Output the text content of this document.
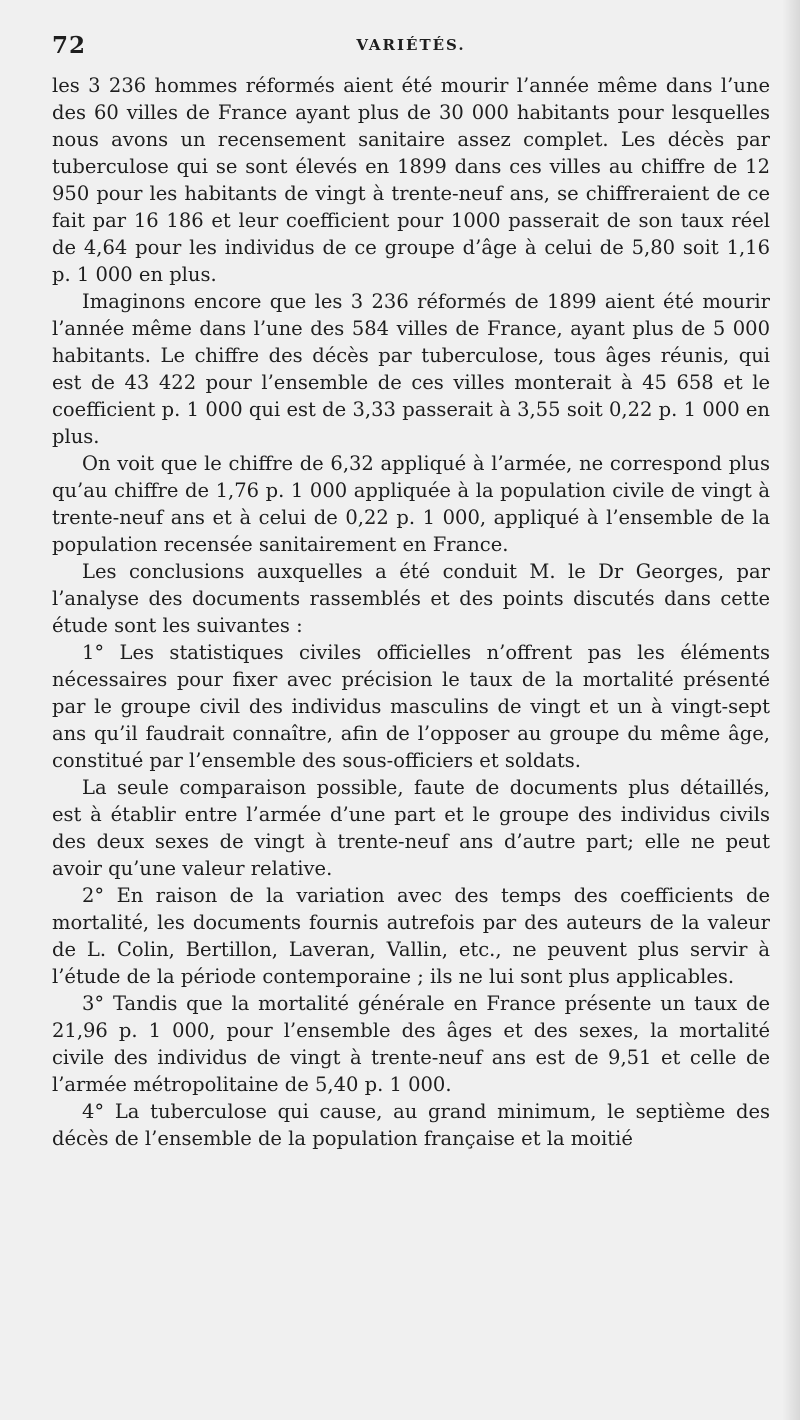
72	VARIÉTÉS.

les 3 236 hommes réformés aient été mourir l’année même dans l’une des 60 villes de France ayant plus de 30 000 habitants pour lesquelles nous avons un recensement sanitaire assez complet. Les décès par tuberculose qui se sont élevés en 1899 dans ces villes au chiffre de 12 950 pour les habitants de vingt à trente-neuf ans, se chiffreraient de ce fait par 16 186 et leur coefficient pour 1000 passerait de son taux réel de 4,64 pour les individus de ce groupe d’âge à celui de 5,80 soit 1,16 p. 1 000 en plus.

Imaginons encore que les 3 236 réformés de 1899 aient été mourir l’année même dans l’une des 584 villes de France, ayant plus de 5 000 habitants. Le chiffre des décès par tuberculose, tous âges réunis, qui est de 43 422 pour l’ensemble de ces villes monterait à 45 658 et le coefficient p. 1 000 qui est de 3,33 passerait à 3,55 soit 0,22 p. 1 000 en plus.

On voit que le chiffre de 6,32 appliqué à l’armée, ne correspond plus qu’au chiffre de 1,76 p. 1 000 appliquée à la population civile de vingt à trente-neuf ans et à celui de 0,22 p. 1 000, appliqué à l’ensemble de la population recensée sanitairement en France.

Les conclusions auxquelles a été conduit M. le Dr Georges, par l’analyse des documents rassemblés et des points discutés dans cette étude sont les suivantes :

1° Les statistiques civiles officielles n’offrent pas les éléments nécessaires pour fixer avec précision le taux de la mortalité présenté par le groupe civil des individus masculins de vingt et un à vingt-sept ans qu’il faudrait connaître, afin de l’opposer au groupe du même âge, constitué par l’ensemble des sous-officiers et soldats.

La seule comparaison possible, faute de documents plus détaillés, est à établir entre l’armée d’une part et le groupe des individus civils des deux sexes de vingt à trente-neuf ans d’autre part; elle ne peut avoir qu’une valeur relative.

2° En raison de la variation avec des temps des coefficients de mortalité, les documents fournis autrefois par des auteurs de la valeur de L. Colin, Bertillon, Laveran, Vallin, etc., ne peuvent plus servir à l’étude de la période contemporaine ; ils ne lui sont plus applicables.

3° Tandis que la mortalité générale en France présente un taux de 21,96 p. 1 000, pour l’ensemble des âges et des sexes, la mortalité civile des individus de vingt à trente-neuf ans est de 9,51 et celle de l’armée métropolitaine de 5,40 p. 1 000.

4° La tuberculose qui cause, au grand minimum, le septième des décès de l’ensemble de la population française et la moitié
